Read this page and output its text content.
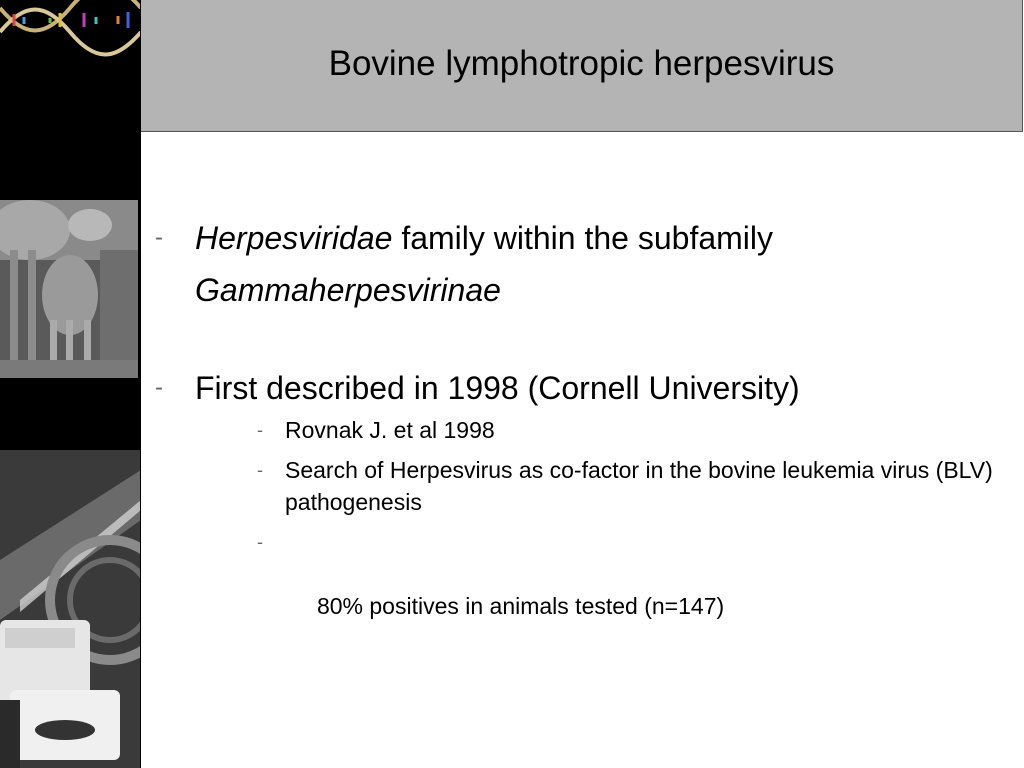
Bovine lymphotropic herpesvirus
- Herpesviridae family within the subfamily
Gammaherpesvirinae
- First described in 1998 (Cornell University)
- Rovnak J. et al 1998
- Search of Herpesvirus as co-factor in the bovine leukemia virus (BLV) pathogenesis

-

80% positives in animals tested (n=147)
